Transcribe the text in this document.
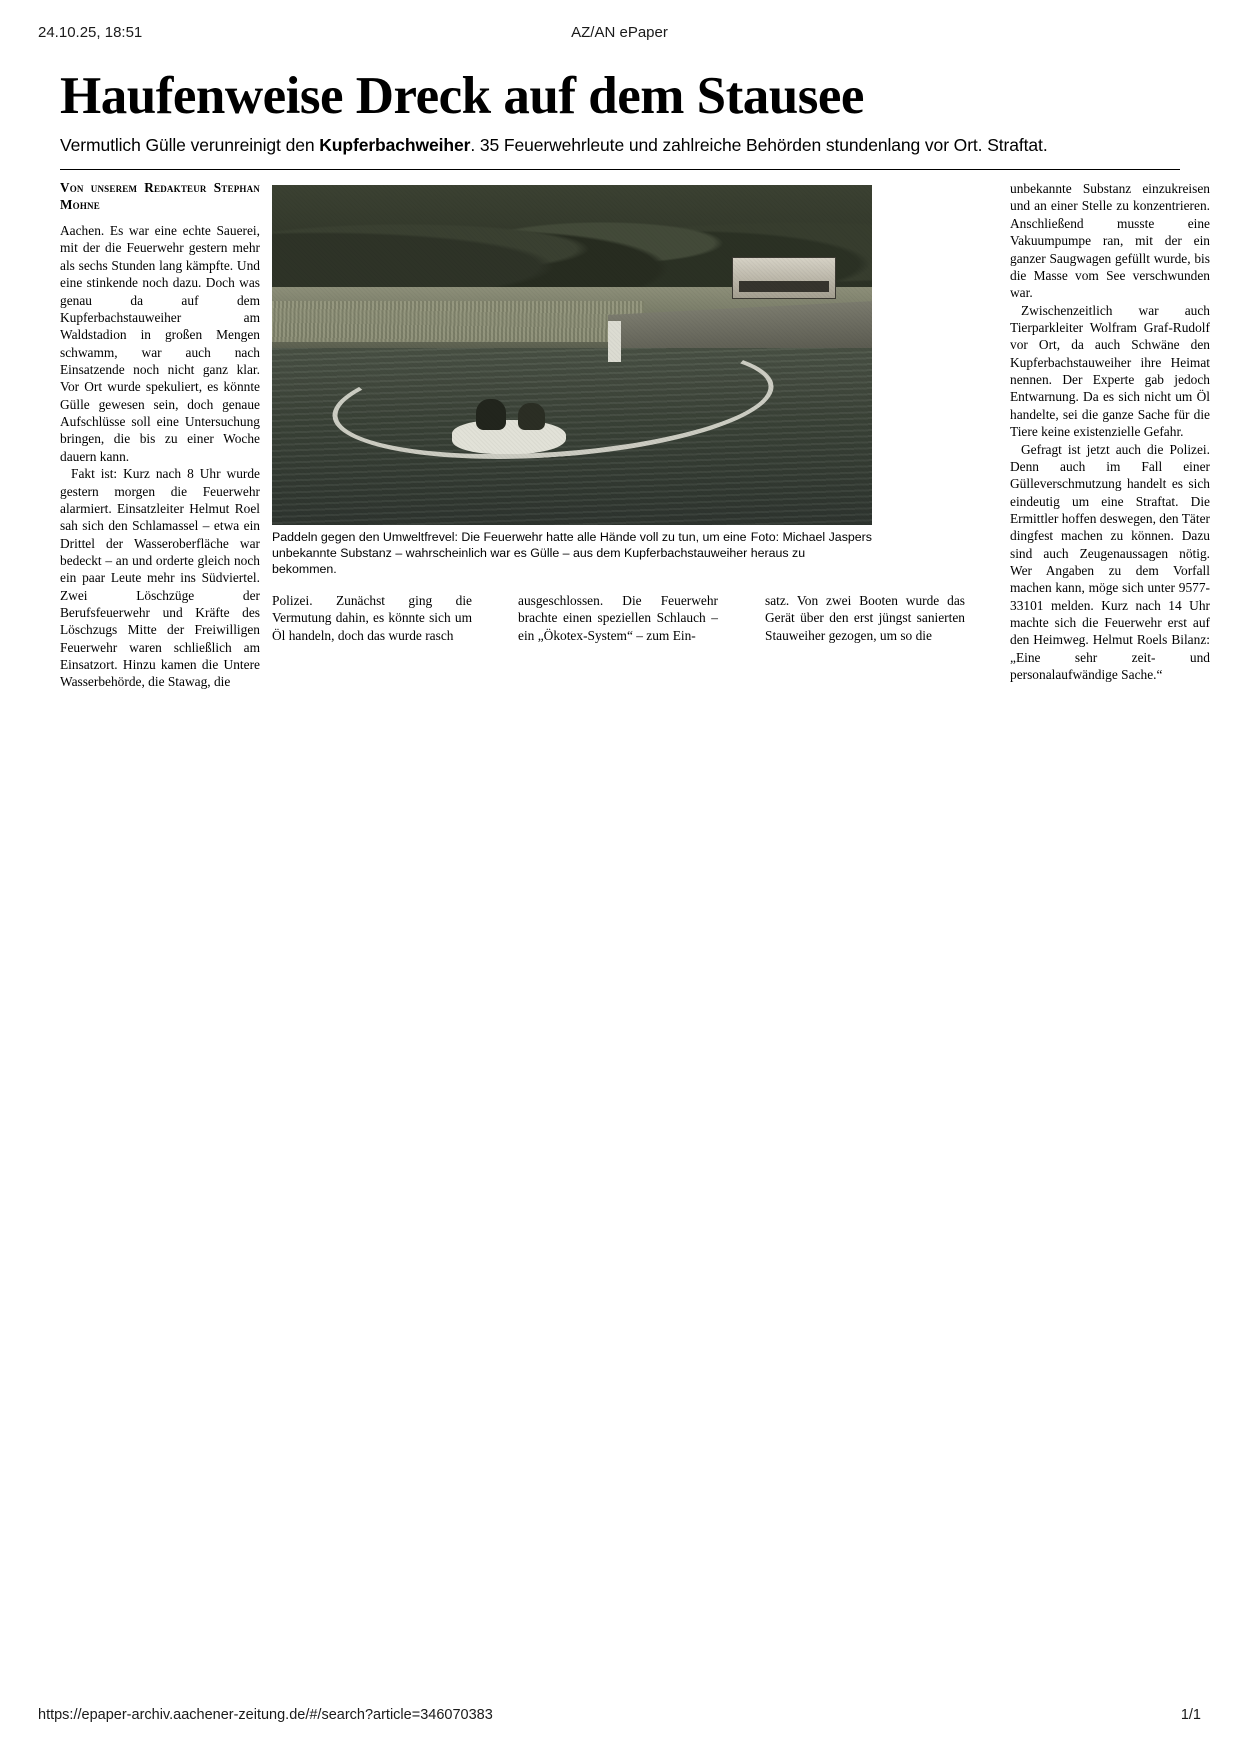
24.10.25, 18:51	AZ/AN ePaper
Haufenweise Dreck auf dem Stausee

Vermutlich Gülle verunreinigt den Kupferbachweiher. 35 Feuerwehrleute und zahlreiche Behörden stundenlang vor Ort. Straftat.

Von unserem Redakteur Stephan Mohne

Aachen. Es war eine echte Sauerei, mit der die Feuerwehr gestern mehr als sechs Stunden lang kämpfte. Und eine stinkende noch dazu. Doch was genau da auf dem Kupferbachstauweiher am Waldstadion in großen Mengen schwamm, war auch nach Einsatzende noch nicht ganz klar. Vor Ort wurde spekuliert, es könnte Gülle gewesen sein, doch genaue Aufschlüsse soll eine Untersuchung bringen, die bis zu einer Woche dauern kann.

Fakt ist: Kurz nach 8 Uhr wurde gestern morgen die Feuerwehr alarmiert. Einsatzleiter Helmut Roel sah sich den Schlamassel – etwa ein Drittel der Wasseroberfläche war bedeckt – an und orderte gleich noch ein paar Leute mehr ins Südviertel. Zwei Löschzüge der Berufsfeuerwehr und Kräfte des Löschzugs Mitte der Freiwilligen Feuerwehr waren schließlich am Einsatzort. Hinzu kamen die Untere Wasserbehörde, die Stawag, die

Foto: Michael Jaspers
Paddeln gegen den Umweltfrevel: Die Feuerwehr hatte alle Hände voll zu tun, um eine unbekannte Substanz – wahrscheinlich war es Gülle – aus dem Kupferbachstauweiher heraus zu bekommen.

unbekannte Substanz einzukreisen und an einer Stelle zu konzentrieren. Anschließend musste eine Vakuumpumpe ran, mit der ein ganzer Saugwagen gefüllt wurde, bis die Masse vom See verschwunden war.

Zwischenzeitlich war auch Tierparkleiter Wolfram Graf-Rudolf vor Ort, da auch Schwäne den Kupferbachstauweiher ihre Heimat nennen. Der Experte gab jedoch Entwarnung. Da es sich nicht um Öl handelte, sei die ganze Sache für die Tiere keine existenzielle Gefahr.

Gefragt ist jetzt auch die Polizei. Denn auch im Fall einer Gülleverschmutzung handelt es sich eindeutig um eine Straftat. Die Ermittler hoffen deswegen, den Täter dingfest machen zu können. Dazu sind auch Zeugenaussagen nötig. Wer Angaben zu dem Vorfall machen kann, möge sich unter 9577-33101 melden. Kurz nach 14 Uhr machte sich die Feuerwehr erst auf den Heimweg. Helmut Roels Bilanz: „Eine sehr zeit- und personalaufwändige Sache.“

Polizei. Zunächst ging die Vermutung dahin, es könnte sich um Öl handeln, doch das wurde rasch

ausgeschlossen. Die Feuerwehr brachte einen speziellen Schlauch – ein „Ökotex-System“ – zum Ein-

satz. Von zwei Booten wurde das Gerät über den erst jüngst sanierten Stauweiher gezogen, um so die

https://epaper-archiv.aachener-zeitung.de/#/search?article=346070383	1/1
